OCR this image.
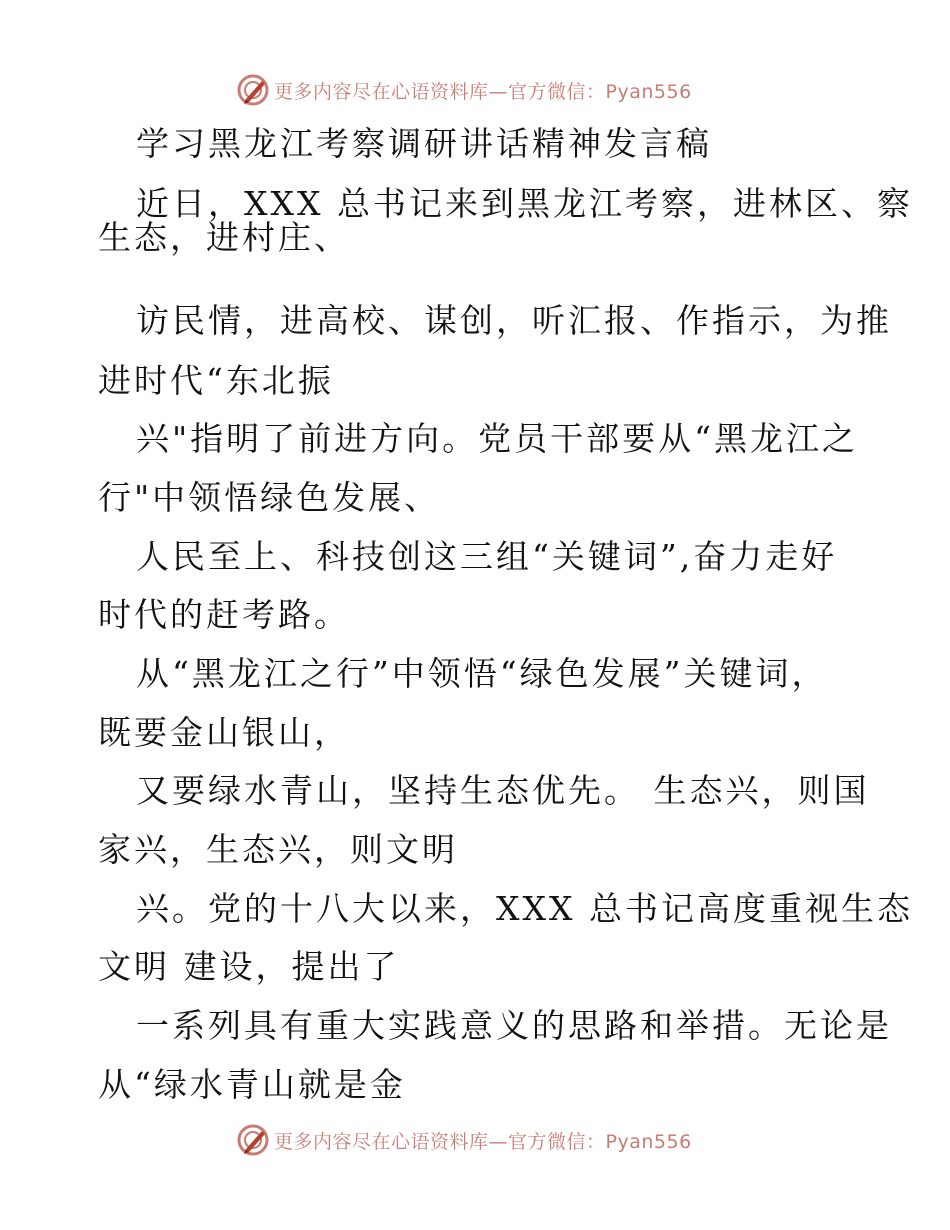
更多内容尽在心语资料库—官方微信：Pyan556
学习黑龙江考察调研讲话精神发言稿
近日，XXX 总书记来到黑龙江考察，进林区、察
生态，进村庄、
访民情，进高校、谋创，听汇报、作指示，为推
进时代“东北振
兴"指明了前进方向。党员干部要从“黑龙江之
行"中领悟绿色发展、
人民至上、科技创这三组“关键词”,奋力走好
时代的赶考路。
从“黑龙江之行”中领悟“绿色发展”关键词，
既要金山银山，
又要绿水青山，坚持生态优先。 生态兴，则国
家兴，生态兴，则文明
兴。党的十八大以来，XXX 总书记高度重视生态
文明 建设，提出了
一系列具有重大实践意义的思路和举措。无论是
从“绿水青山就是金
更多内容尽在心语资料库—官方微信：Pyan556
